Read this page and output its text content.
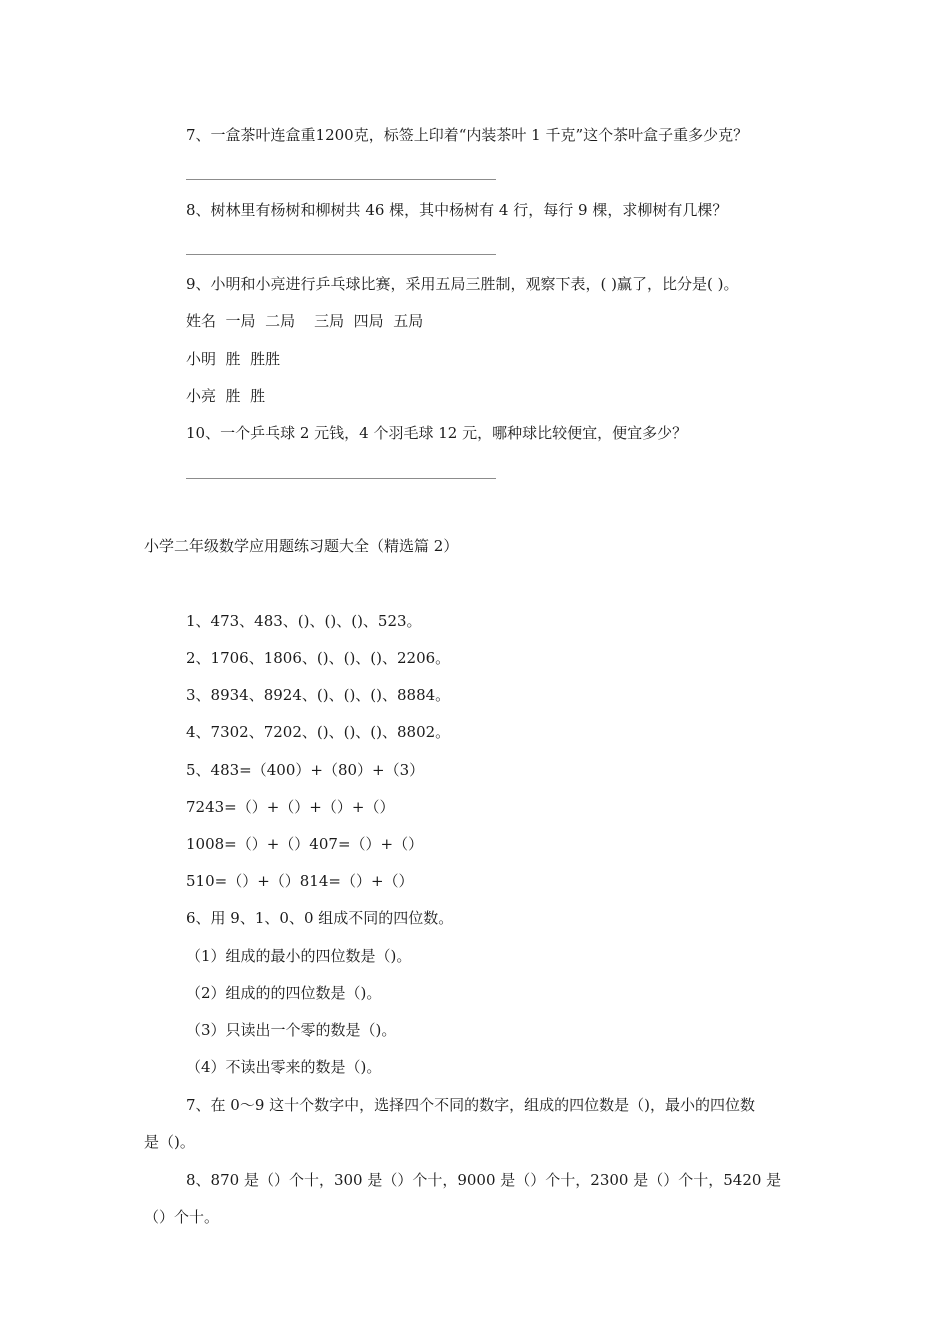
7、一盒茶叶连盒重1200克，标签上印着“内装茶叶 1 千克”这个茶叶盒子重多少克？
8、树林里有杨树和柳树共 46 棵，其中杨树有 4 行，每行 9 棵，求柳树有几棵？
9、小明和小亮进行乒乓球比赛，采用五局三胜制，观察下表，( )赢了，比分是( )。
姓名  一局  二局    三局  四局  五局
小明  胜  胜胜
小亮  胜  胜
10、一个乒乓球 2 元钱，4 个羽毛球 12 元，哪种球比较便宜，便宜多少？
小学二年级数学应用题练习题大全（精选篇 2）
1、473、483、()、()、()、523。
2、1706、1806、()、()、()、2206。
3、8934、8924、()、()、()、8884。
4、7302、7202、()、()、()、8802。
5、483=（400）+（80）+（3）
7243=（）+（）+（）+（）
1008=（）+（）407=（）+（）
510=（）+（）814=（）+（）
6、用 9、1、0、0 组成不同的四位数。
（1）组成的最小的四位数是（)。
（2）组成的的四位数是（)。
（3）只读出一个零的数是（)。
（4）不读出零来的数是（)。
7、在 0～9 这十个数字中，选择四个不同的数字，组成的四位数是（)，最小的四位数
是（)。
8、870 是（）个十，300 是（）个十，9000 是（）个十，2300 是（）个十，5420 是
（）个十。
